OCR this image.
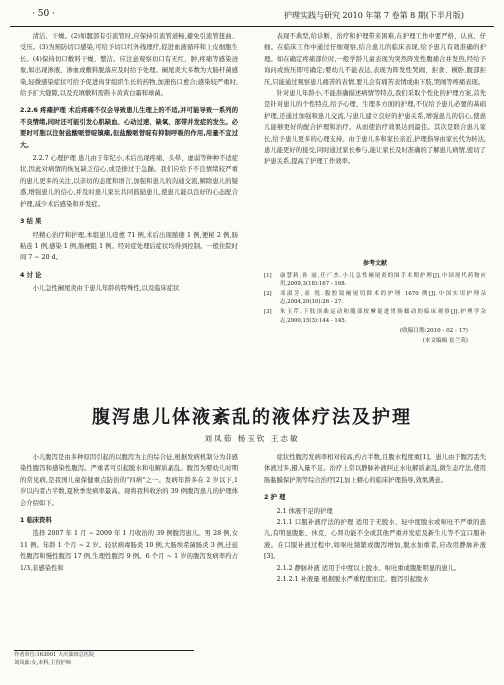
· 50 ·	护理实践与研究 2010 年第 7 卷第 8 期(下半月版)

清洁、干燥。(2)如髋部有引流管时,应保持引流管道畅,避免引流管扭曲、受压。(3)为预防切口感染,可给予切口红外线理疗,促进血液循环和上皮细胞生长。(4)保持切口敷料干燥、整洁。应注意观察切口有无红、肿,疼痛等感染迹象,如出现渗液、渗血或敷料脱落应及时给予处理。阑尾炎大多数为大肠杆菌感染,轻微感染症状可给予促进肉芽组织生长的药物,加速伤口愈合;感染较严重时,给予扩大缝隙,以及充填敷料需斟卡黄黄白霜和球菌。

2.2.6 疼痛护理 术后疼痛不仅会导致患儿生理上的不适,并可能导致一系列的不良情绪,同时还可能引发心肌缺血、心动过速、缺氧、部带并发症的发生。必要时可胞以注射盐酸哌替啶镇痛,但盐酸哌替啶有抑制呼吸的作用,用量不宜过大。

2.2.7 心理护理 患儿由于年纪小,术后出现疼痛、头晕、虚弱等种种不适症状,因此对病情的恢复缺乏信心,或是排过于急躁。我们应给予不良情绪较严重的患儿更多的关注,以亲切的态度和语言,加强和患儿的沟通交流,解除患儿的疑惑,增强患儿的信心,并及时患儿家长共同鼓励患儿,使患儿能以良好的心态配合护理,减少术后感染和并发症。

3 结 果

经精心治疗和护理,本组患儿痊愈 71 例,术后出现脓瘘 1 例,便秘 2 例,肠粘连 1 例,感染 1 例,肠梗阻 1 例。经对症处理后症状均得到控制。一般住院时间 7 ~ 20 d。

4 讨 论

小儿急性阑尾炎由于患儿年龄的特殊性,以及临床症状

表现不典型,给诊断、治疗和护理带来困难,在护理工作中要严格、认真、仔细。在临床工作中通过仔细观察,结合患儿的临床表现,给予患儿有效准确的护理。如在确定疼痛部位时,一般学龄儿童表现为突然阵发性腹痛合并发热,经给予询问或按压即可确定;婴幼儿不能表达,表现为阵发性哭闹、拒食、横卧,腹部拒压,只能通过观察患儿痛苦的表情,要儿会有痛苦表情或曲下肢,哭闹等疼痛表现。

针对患儿年龄小,不能准确描述病情等特点,我们采取个性化的护理方案,首先是针对患儿的个性特点,给予心理、生理多方面的护理,不仅给予患儿必要的基础护理,还通过加强和患儿交流,与患儿建立良好的护患关系,增强患儿的信心,使患儿能够更好的配合护理和治疗。从而使治疗效果达到最佳。其次是联合患儿家长,给予患儿更多的心理支持。由于患儿多和家长亲近,护理指导由家长代为转达,患儿能更好的接受,同时通过家长参与,能让家长及时准确的了解患儿病情,密切了护患关系,提高了护理工作效率。

参考文献
[1]	康慧莉,孙 丽,任广杰.小儿急性阑尾炎的围手术期护理[J].中国现代药物应用,2009,3(18):167 - 168.
[2]	邓淑芳,童 锐.腹腔镜阑尾切除术的护理 1670 例[J].中国实用护理杂志,2004,20(10):26 - 27.
[3]	朱玉芹.下肢顶曲运动和腹部按摩促进胃肠蠕动的临床观察[J].护理学杂志,2000,15(3):144 - 145.
(收稿日期:2010 - 02 - 17)
(本文编辑 崔兰英)
腹泻患儿体液紊乱的液体疗法及护理
刘凤茹 杨玉钦 王志敏

小儿腹泻是由多种原因引起的以腹泻为主的综合征,根据发病机制分为非感染性腹泻和感染性腹泻。严重者可引起脱水和电解质紊乱。腹泻为婴幼儿时期的常见病,是我国儿童保健重点防治的"四病"之一。发病年龄多在 2 岁以下,1 岁以内者占半数,夏秋季发病率最高。现将我科收治的 39 例腹泻患儿的护理体会介绍如下。

1 临床资料

选择 2007 年 1 月 ~ 2009 年 1 月收治的 39 例腹泻患儿。男 28 例,女 11 例。年龄 1 个月 ~ 2 岁。轻状病毒肠炎 10 例,大肠埃希菌肠炎 3 例,迁延性腹泻和慢性腹泻 17 例,生理性腹泻 9 例。6 个月 ~ 1 岁的腹泻发病率约占 1/3,非感染性和

症状性腹泻发病率相对较高,约占半数,且腹水程度重[1]。患儿由于腹泻丢失体液过多,摄入量不足。治疗上常以静脉补液纠正水电解质紊乱,微生态疗法,使用肠黏膜保护剂等综合治疗[2],加上精心的临床护理指导,效果满意。

2 护 理

2.1 体液不足的护理

2.1.1 口服补液疗法的护理 适用于无脱水、轻中度脱水或呕吐不严重的患儿,有明显腹胀、休克、心肾功能不全或其他严重并发症及新生儿等不宜口服补液。在口服补液过程中,如呕吐频繁或腹泻增加,脱水加重者,应改用静脉补液[3]。

2.1.2 静脉补液 适用于中度以上脱水、呕吐重或腹胀明显的患儿。

2.1.2.1 补液量 根据脱水严重程度而定。腹泻引起脱水

作者单位:163001 大庆油田总医院
刘凤茹:女,本科,主管护师
